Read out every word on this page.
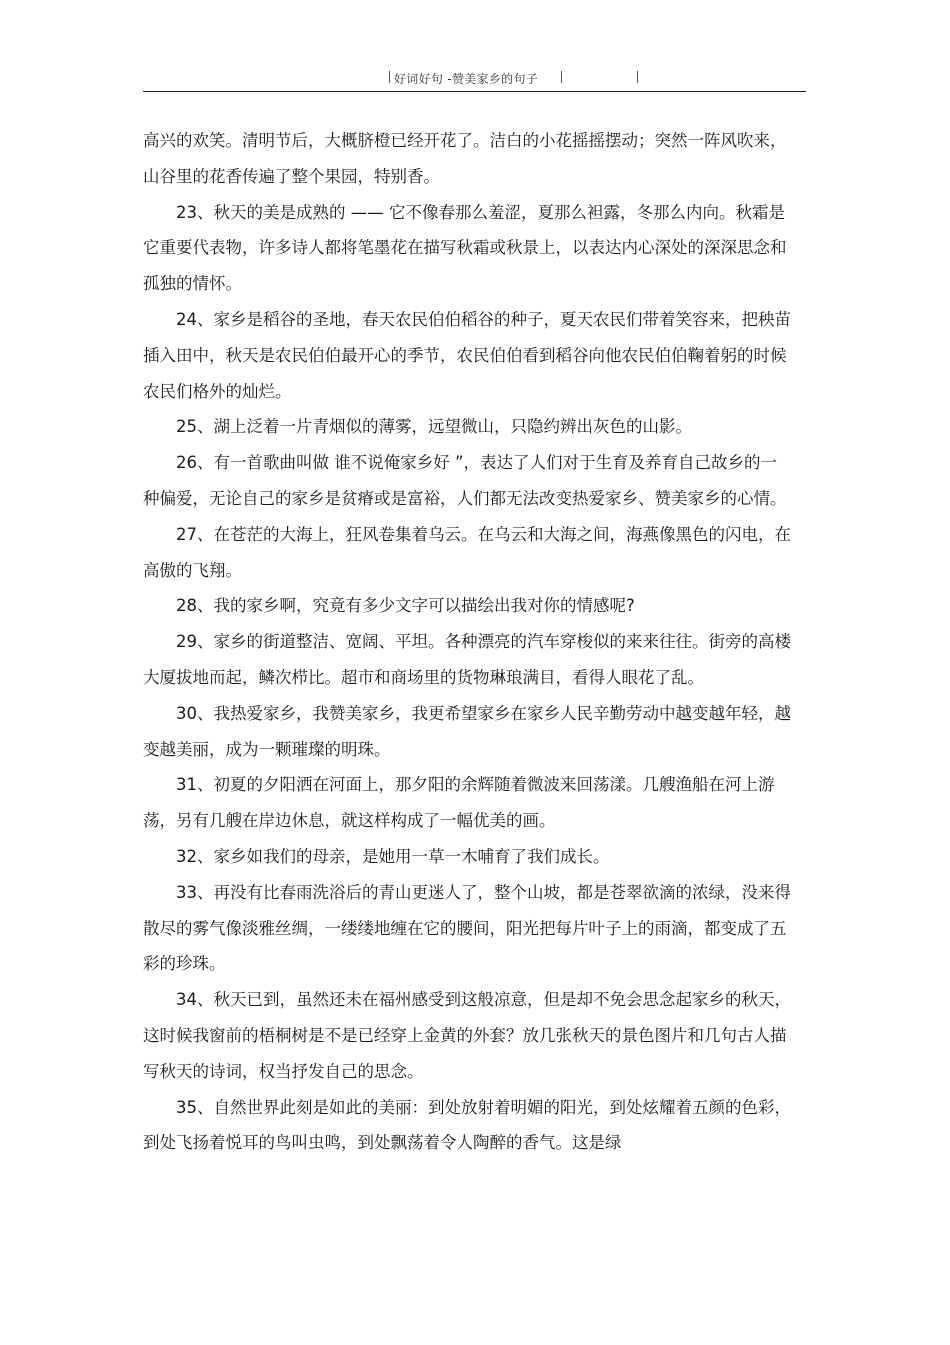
好词好句 -赞美家乡的句子

高兴的欢笑。清明节后，大概脐橙已经开花了。洁白的小花摇摇摆动；突然一阵风吹来，山谷里的花香传遍了整个果园，特别香。

23、秋天的美是成熟的 —— 它不像春那么羞涩，夏那么袒露，冬那么内向。秋霜是它重要代表物，许多诗人都将笔墨花在描写秋霜或秋景上，以表达内心深处的深深思念和孤独的情怀。

24、家乡是稻谷的圣地，春天农民伯伯稻谷的种子，夏天农民们带着笑容来，把秧苗插入田中，秋天是农民伯伯最开心的季节，农民伯伯看到稻谷向他农民伯伯鞠着躬的时候农民们格外的灿烂。

25、湖上泛着一片青烟似的薄雾，远望微山，只隐约辨出灰色的山影。

26、有一首歌曲叫做 谁不说俺家乡好 ”，表达了人们对于生育及养育自己故乡的一种偏爱，无论自己的家乡是贫瘠或是富裕，人们都无法改变热爱家乡、赞美家乡的心情。

27、在苍茫的大海上，狂风卷集着乌云。在乌云和大海之间，海燕像黑色的闪电，在高傲的飞翔。

28、我的家乡啊，究竟有多少文字可以描绘出我对你的情感呢?

29、家乡的街道整洁、宽阔、平坦。各种漂亮的汽车穿梭似的来来往往。街旁的高楼大厦拔地而起，鳞次栉比。超市和商场里的货物琳琅满目，看得人眼花了乱。

30、我热爱家乡，我赞美家乡，我更希望家乡在家乡人民辛勤劳动中越变越年轻，越变越美丽，成为一颗璀璨的明珠。

31、初夏的夕阳洒在河面上，那夕阳的余辉随着微波来回荡漾。几艘渔船在河上游荡，另有几艘在岸边休息，就这样构成了一幅优美的画。

32、家乡如我们的母亲，是她用一草一木哺育了我们成长。

33、再没有比春雨洗浴后的青山更迷人了，整个山坡，都是苍翠欲滴的浓绿，没来得散尽的雾气像淡雅丝绸，一缕缕地缠在它的腰间，阳光把每片叶子上的雨滴，都变成了五彩的珍珠。

34、秋天已到，虽然还未在福州感受到这般凉意，但是却不免会思念起家乡的秋天，这时候我窗前的梧桐树是不是已经穿上金黄的外套？放几张秋天的景色图片和几句古人描写秋天的诗词，权当抒发自己的思念。

35、自然世界此刻是如此的美丽：到处放射着明媚的阳光，到处炫耀着五颜的色彩，到处飞扬着悦耳的鸟叫虫鸣，到处飘荡着令人陶醉的香气。这是绿
